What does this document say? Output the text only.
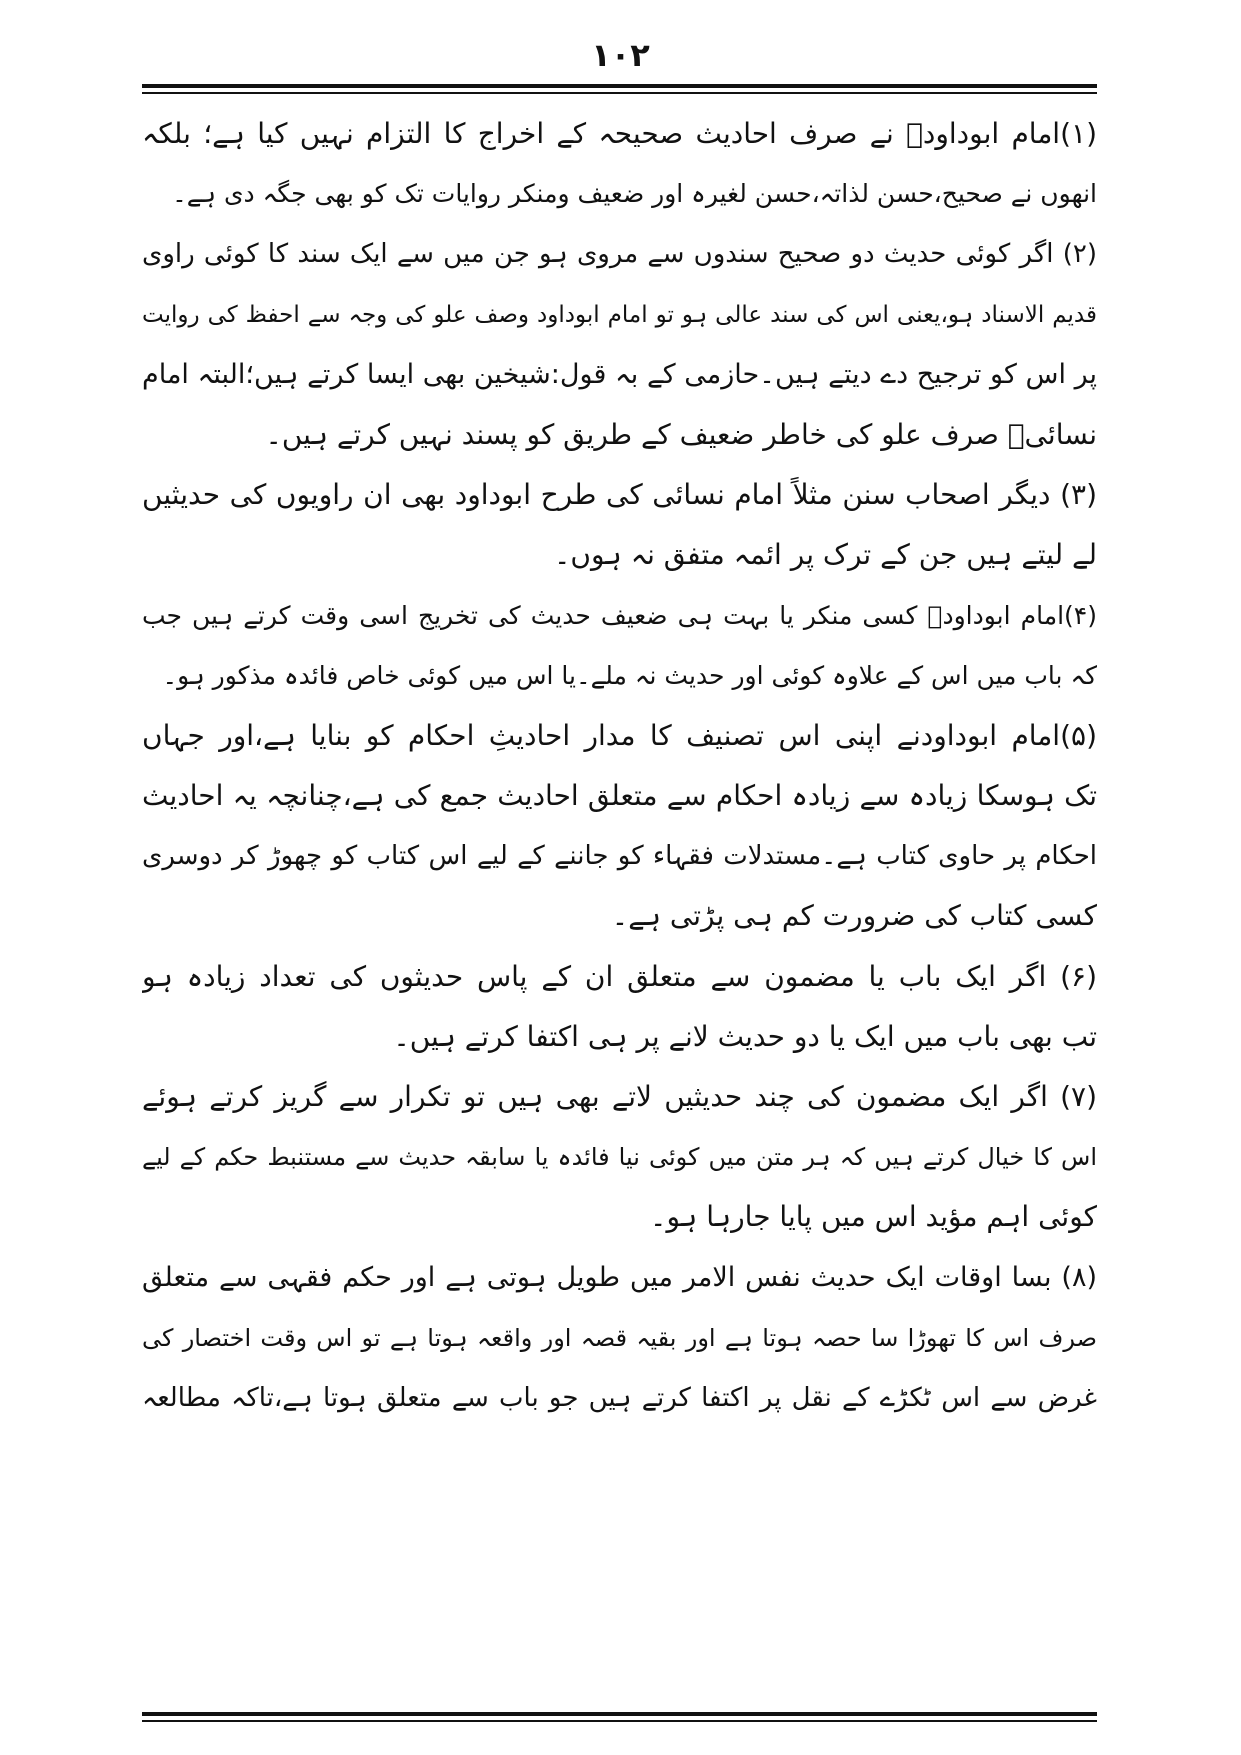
۱۰۲
(۱)امام ابوداودؒ نے صرف احادیث صحیحہ کے اخراج کا التزام نہیں کیا ہے؛ بلکہ
انھوں نے صحیح،حسن لذاتہ،حسن لغیرہ اور ضعیف ومنکر روایات تک کو بھی جگہ دی ہے۔
(۲) اگر کوئی حدیث دو صحیح سندوں سے مروی ہو جن میں سے ایک سند کا کوئی راوی
قدیم الاسناد ہو،یعنی اس کی سند عالی ہو تو امام ابوداود وصف علو کی وجہ سے احفظ کی روایت
پر اس کو ترجیح دے دیتے ہیں۔حازمی کے بہ قول:شیخین بھی ایسا کرتے ہیں؛البتہ امام
نسائیؒ صرف علو کی خاطر ضعیف کے طریق کو پسند نہیں کرتے ہیں۔
(۳) دیگر اصحاب سنن مثلاً امام نسائی کی طرح ابوداود بھی ان راویوں کی حدیثیں
لے لیتے ہیں جن کے ترک پر ائمہ متفق نہ ہوں۔
(۴)امام ابوداودؒ کسی منکر یا بہت ہی ضعیف حدیث کی تخریج اسی وقت کرتے ہیں جب
کہ باب میں اس کے علاوہ کوئی اور حدیث نہ ملے۔یا اس میں کوئی خاص فائدہ مذکور ہو۔
(۵)امام ابوداودنے اپنی اس تصنیف کا مدار احادیثِ احکام کو بنایا ہے،اور جہاں
تک ہوسکا زیادہ سے زیادہ احکام سے متعلق احادیث جمع کی ہے،چنانچہ یہ احادیث
احکام پر حاوی کتاب ہے۔مستدلات فقہاء کو جاننے کے لیے اس کتاب کو چھوڑ کر دوسری
کسی کتاب کی ضرورت کم ہی پڑتی ہے۔
(۶) اگر ایک باب یا مضمون سے متعلق ان کے پاس حدیثوں کی تعداد زیادہ ہو
تب بھی باب میں ایک یا دو حدیث لانے پر ہی اکتفا کرتے ہیں۔
(۷) اگر ایک مضمون کی چند حدیثیں لاتے بھی ہیں تو تکرار سے گریز کرتے ہوئے
اس کا خیال کرتے ہیں کہ ہر متن میں کوئی نیا فائدہ یا سابقہ حدیث سے مستنبط حکم کے لیے
کوئی اہم مؤید اس میں پایا جارہا ہو۔
(۸) بسا اوقات ایک حدیث نفس الامر میں طویل ہوتی ہے اور حکم فقہی سے متعلق
صرف اس کا تھوڑا سا حصہ ہوتا ہے اور بقیہ قصہ اور واقعہ ہوتا ہے تو اس وقت اختصار کی
غرض سے اس ٹکڑے کے نقل پر اکتفا کرتے ہیں جو باب سے متعلق ہوتا ہے،تاکہ مطالعہ
